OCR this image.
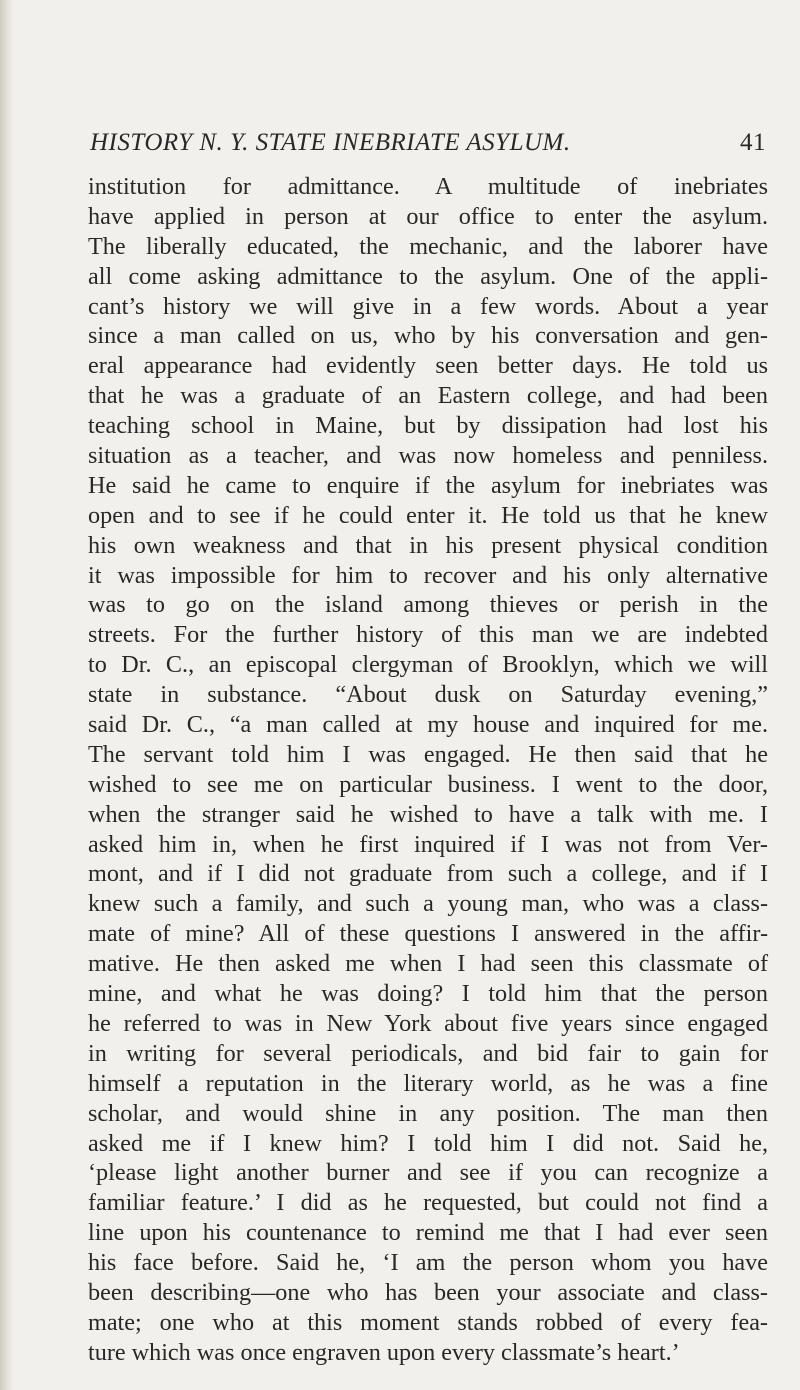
HISTORY N. Y. STATE INEBRIATE ASYLUM.	41
institution for admittance. A multitude of inebriates
have applied in person at our office to enter the asylum.
The liberally educated, the mechanic, and the laborer have
all come asking admittance to the asylum. One of the appli-
cant’s history we will give in a few words. About a year
since a man called on us, who by his conversation and gen-
eral appearance had evidently seen better days. He told us
that he was a graduate of an Eastern college, and had been
teaching school in Maine, but by dissipation had lost his
situation as a teacher, and was now homeless and penniless.
He said he came to enquire if the asylum for inebriates was
open and to see if he could enter it. He told us that he knew
his own weakness and that in his present physical condition
it was impossible for him to recover and his only alternative
was to go on the island among thieves or perish in the
streets. For the further history of this man we are indebted
to Dr. C., an episcopal clergyman of Brooklyn, which we will
state in substance. “About dusk on Saturday evening,”
said Dr. C., “a man called at my house and inquired for me.
The servant told him I was engaged. He then said that he
wished to see me on particular business. I went to the door,
when the stranger said he wished to have a talk with me. I
asked him in, when he first inquired if I was not from Ver-
mont, and if I did not graduate from such a college, and if I
knew such a family, and such a young man, who was a class-
mate of mine? All of these questions I answered in the affir-
mative. He then asked me when I had seen this classmate of
mine, and what he was doing? I told him that the person
he referred to was in New York about five years since engaged
in writing for several periodicals, and bid fair to gain for
himself a reputation in the literary world, as he was a fine
scholar, and would shine in any position. The man then
asked me if I knew him? I told him I did not. Said he,
‘please light another burner and see if you can recognize a
familiar feature.’ I did as he requested, but could not find a
line upon his countenance to remind me that I had ever seen
his face before. Said he, ‘I am the person whom you have
been describing—one who has been your associate and class-
mate; one who at this moment stands robbed of every fea-
ture which was once engraven upon every classmate’s heart.’
